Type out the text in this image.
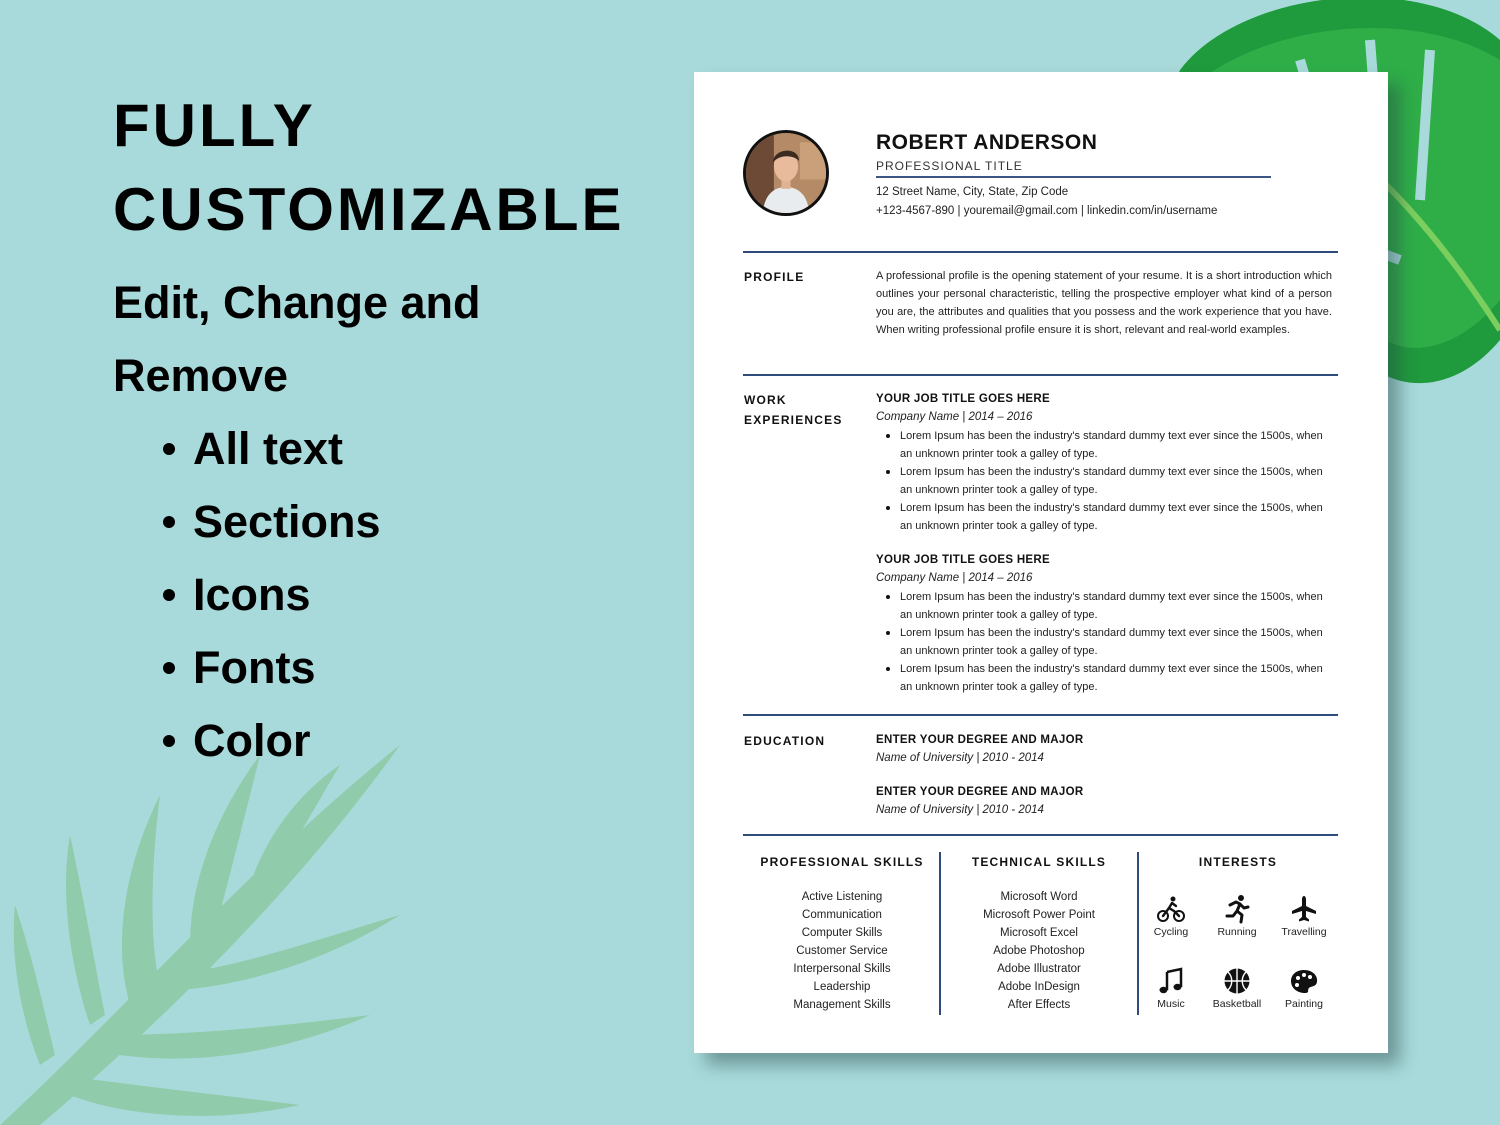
FULLY
CUSTOMIZABLE
Edit, Change and
Remove
All text
Sections
Icons
Fonts
Color
ROBERT ANDERSON
PROFESSIONAL TITLE
12 Street Name, City, State, Zip Code
+123-4567-890 | youremail@gmail.com | linkedin.com/in/username
PROFILE	A professional profile is the opening statement of your resume. It is a short introduction which outlines your personal characteristic, telling the prospective employer what kind of a person you are, the attributes and qualities that you possess and the work experience that you have. When writing professional profile ensure it is short, relevant and real-world examples.

WORK
EXPERIENCES
YOUR JOB TITLE GOES HERE
Company Name | 2014 – 2016
Lorem Ipsum has been the industry's standard dummy text ever since the 1500s, when an unknown printer took a galley of type.
Lorem Ipsum has been the industry's standard dummy text ever since the 1500s, when an unknown printer took a galley of type.
Lorem Ipsum has been the industry's standard dummy text ever since the 1500s, when an unknown printer took a galley of type.
YOUR JOB TITLE GOES HERE
Company Name | 2014 – 2016
Lorem Ipsum has been the industry's standard dummy text ever since the 1500s, when an unknown printer took a galley of type.
Lorem Ipsum has been the industry's standard dummy text ever since the 1500s, when an unknown printer took a galley of type.
Lorem Ipsum has been the industry's standard dummy text ever since the 1500s, when an unknown printer took a galley of type.
EDUCATION	ENTER YOUR DEGREE AND MAJOR
Name of University | 2010 - 2014
ENTER YOUR DEGREE AND MAJOR
Name of University | 2010 - 2014
PROFESSIONAL SKILLS
Active Listening
Communication
Computer Skills
Customer Service
Interpersonal Skills
Leadership
Management Skills
TECHNICAL SKILLS
Microsoft Word
Microsoft Power Point
Microsoft Excel
Adobe Photoshop
Adobe Illustrator
Adobe InDesign
After Effects
INTERESTS
Cycling	Running	Travelling
Music	Basketball	Painting
